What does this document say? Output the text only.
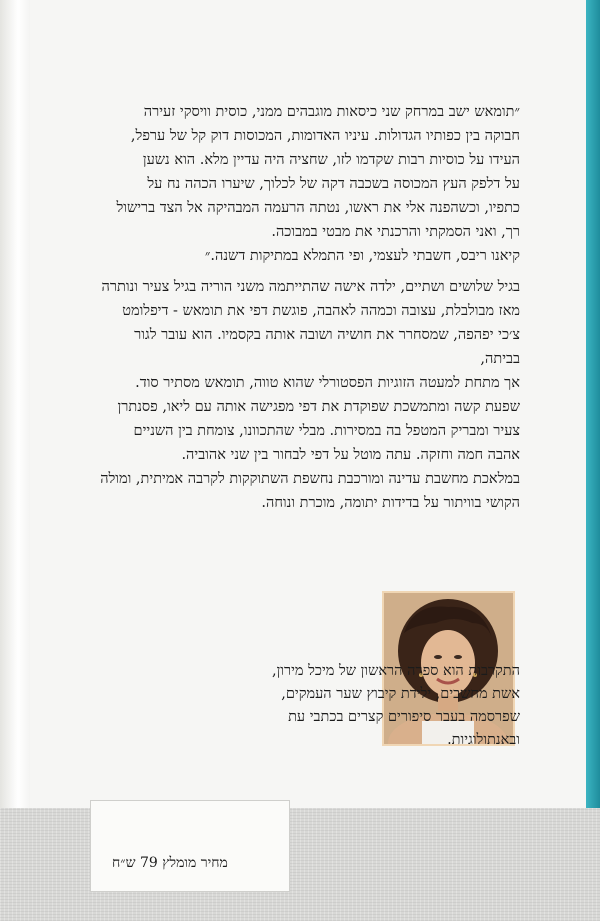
״תומאש ישב במרחק שני כיסאות מוגבהים ממני, כוסית וויסקי זעירה
חבוקה בין כפותיו הגדולות. עיניו האדומות, המכוסות דוק קל של ערפל,
העידו על כוסיות רבות שקדמו לזו, שחציה היה עדיין מלא. הוא נשען
על דלפק העץ המכוסה בשכבה דקה של לכלוך, שיערו הכהה נח על
כתפיו, וכשהפנה אלי את ראשו, נטתה הרעמה המבהיקה אל הצד ברישול
רך, ואני הסמקתי והרכנתי את מבטי במבוכה.
קיאנו ריבס, חשבתי לעצמי, ופי התמלא במתיקות דשנה.״
בגיל שלושים ושתיים, ילדה אישה שהתייתמה משני הוריה בגיל צעיר ונותרה
מאז מבולבלת, עצובה וכמהה לאהבה, פוגשת דפי את תומאש - דיפלומט
צ׳כי יפהפה, שמסחרר את חושיה ושובה אותה בקסמיו. הוא עובר לגור בביתה,
אך מתחת למעטה הזוגיות הפסטורלי שהוא טווה, תומאש מסתיר סוד.
שפעת קשה ומתמשכת שפוקדת את דפי מפגישה אותה עם ליאו, פסנתרן
צעיר ומבריק המטפל בה במסירות. מבלי שהתכוונו, צומחת בין השניים
אהבה חמה וחזקה. עתה מוטל על דפי לבחור בין שני אהוביה.
במלאכת מחשבת עדינה ומורכבת נחשפת השתוקקות לקרבה אמיתית, ומולה
הקושי בוויתור על בדידות יתומה, מוכרת ונוחה.
התקרבות הוא ספרה הראשון של מיכל מירון,
אשת מחשבים, ילידת קיבוץ שער העמקים,
שפרסמה בעבר סיפורים קצרים בכתבי עת
ובאנתולוגיות.
מחיר מומלץ 79 ש״ח
